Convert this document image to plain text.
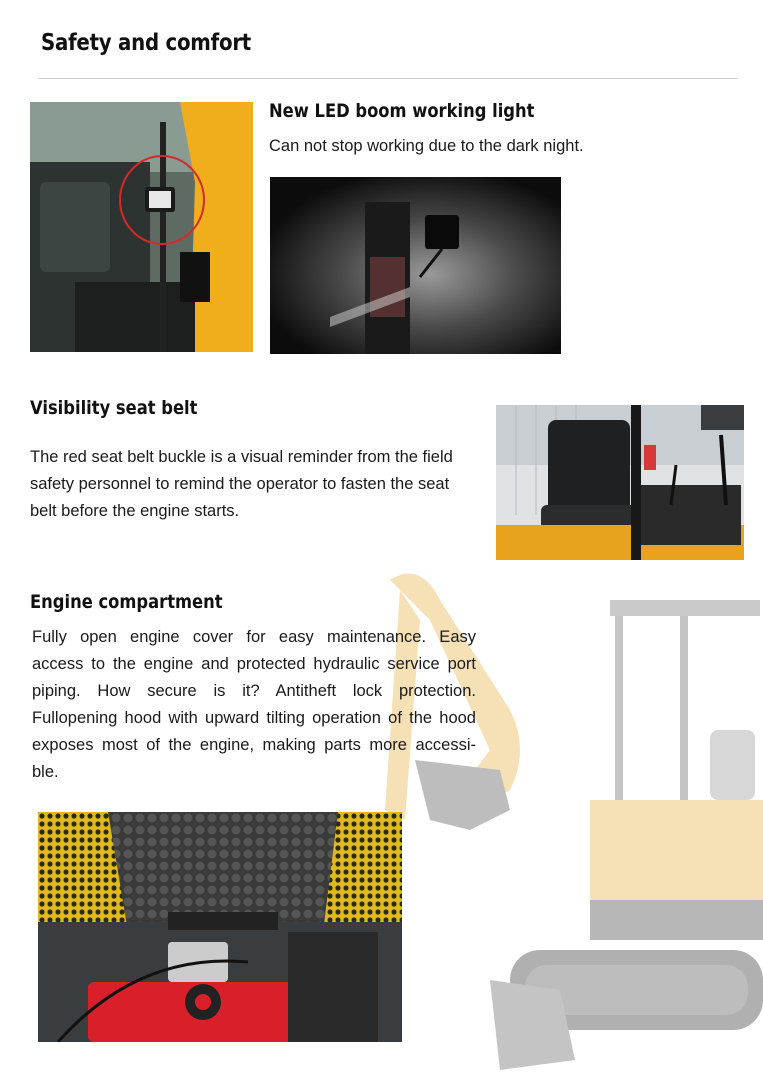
Safety and comfort
New LED boom working light
Can not stop working due to the dark night.
Visibility seat belt
The red seat belt buckle is a visual reminder from the field
safety personnel to remind the operator to fasten the seat
belt before the engine starts.
Engine compartment
Fully open engine cover for easy maintenance. Easy
access to the engine and protected hydraulic service port
piping. How secure is it? Antitheft lock protection.
Fullopening hood with upward tilting operation of the hood
exposes most of the engine, making parts more accessi-
ble.
